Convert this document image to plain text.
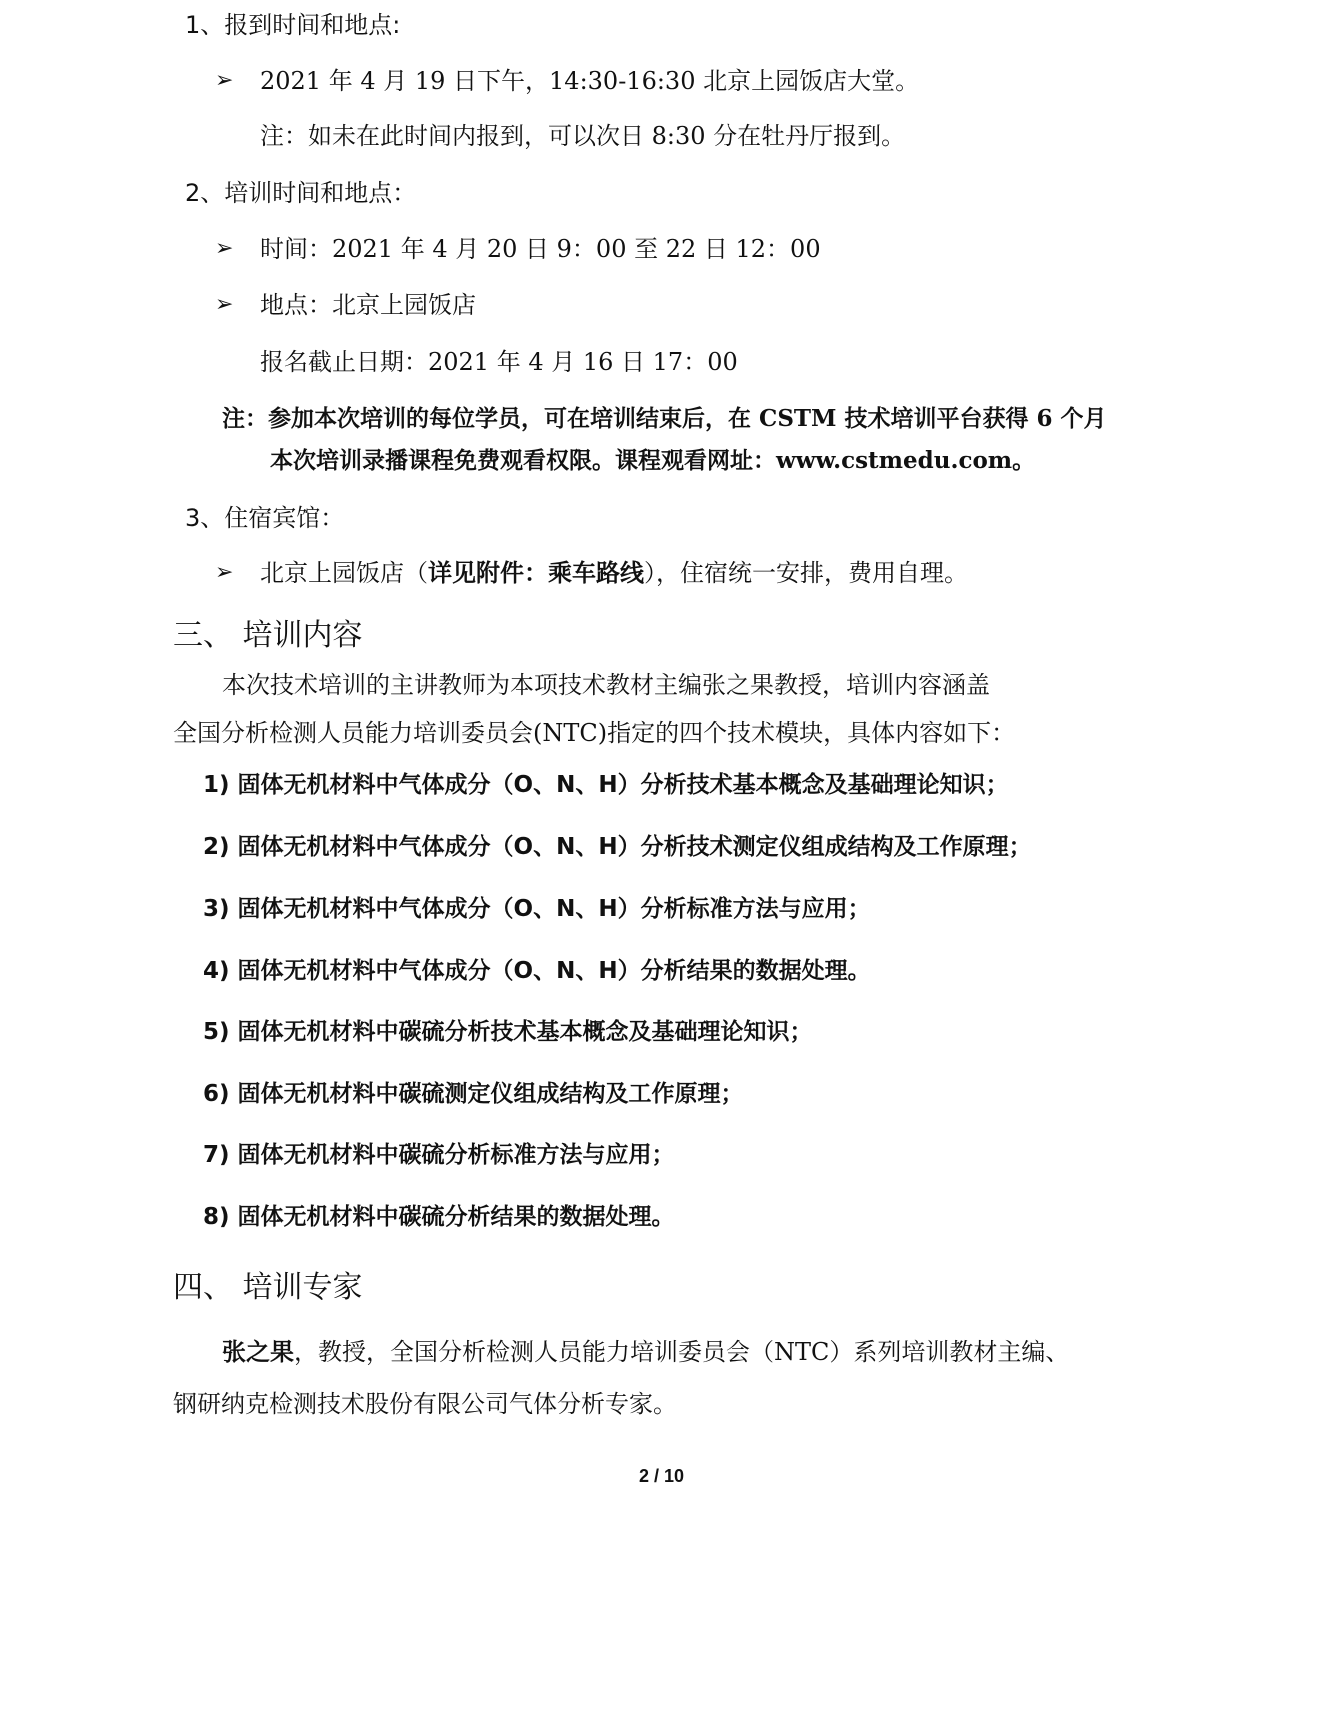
1、报到时间和地点:
➢ 2021 年 4 月 19 日下午，14:30-16:30 北京上园饭店大堂。
注：如未在此时间内报到，可以次日 8:30 分在牡丹厅报到。
2、培训时间和地点：
➢ 时间：2021 年 4 月 20 日 9：00 至 22 日 12：00
➢ 地点：北京上园饭店
报名截止日期：2021 年 4 月 16 日 17：00
注：参加本次培训的每位学员，可在培训结束后，在 CSTM 技术培训平台获得 6 个月
本次培训录播课程免费观看权限。课程观看网址：www.cstmedu.com。
3、住宿宾馆：
➢ 北京上园饭店（详见附件：乘车路线），住宿统一安排，费用自理。
三、 培训内容
本次技术培训的主讲教师为本项技术教材主编张之果教授，培训内容涵盖
全国分析检测人员能力培训委员会(NTC)指定的四个技术模块，具体内容如下：
1) 固体无机材料中气体成分（O、N、H）分析技术基本概念及基础理论知识；
2) 固体无机材料中气体成分（O、N、H）分析技术测定仪组成结构及工作原理；
3) 固体无机材料中气体成分（O、N、H）分析标准方法与应用；
4) 固体无机材料中气体成分（O、N、H）分析结果的数据处理。
5) 固体无机材料中碳硫分析技术基本概念及基础理论知识；
6) 固体无机材料中碳硫测定仪组成结构及工作原理；
7) 固体无机材料中碳硫分析标准方法与应用；
8) 固体无机材料中碳硫分析结果的数据处理。
四、 培训专家
张之果，教授，全国分析检测人员能力培训委员会（NTC）系列培训教材主编、
钢研纳克检测技术股份有限公司气体分析专家。
2 / 10
